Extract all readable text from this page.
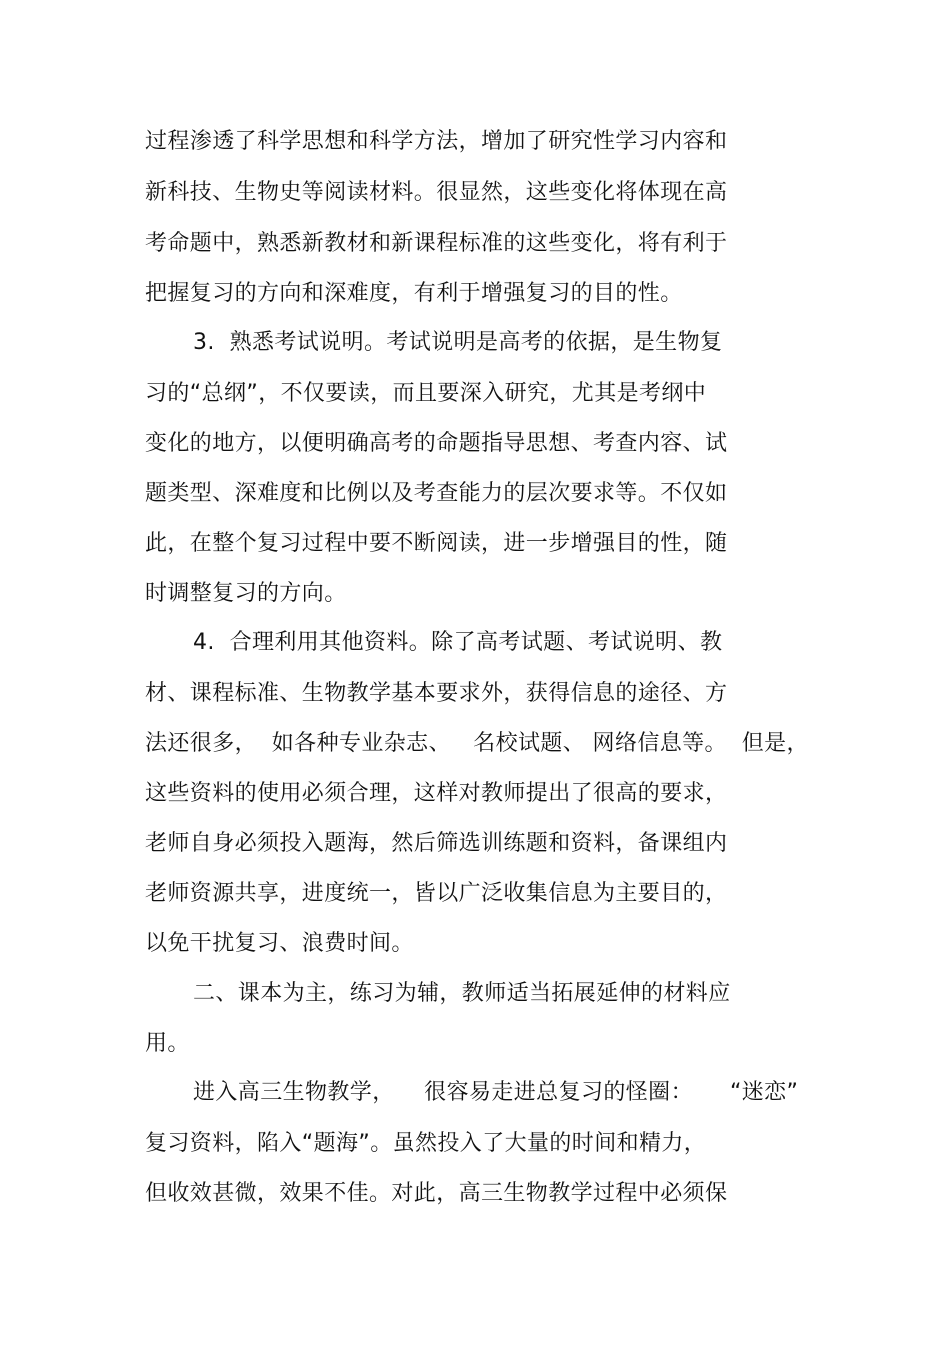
过程渗透了科学思想和科学方法，增加了研究性学习内容和
新科技、生物史等阅读材料。很显然，这些变化将体现在高
考命题中，熟悉新教材和新课程标准的这些变化，将有利于
把握复习的方向和深难度，有利于增强复习的目的性。
3.  熟悉考试说明。考试说明是高考的依据，是生物复
习的“总纲”，不仅要读，而且要深入研究，尤其是考纲中
变化的地方，以便明确高考的命题指导思想、考查内容、试
题类型、深难度和比例以及考查能力的层次要求等。不仅如
此，在整个复习过程中要不断阅读，进一步增强目的性，随
时调整复习的方向。
4.  合理利用其他资料。除了高考试题、考试说明、教
材、课程标准、生物教学基本要求外，获得信息的途径、方
法还很多，  如各种专业杂志、   名校试题、 网络信息等。  但是，
这些资料的使用必须合理，这样对教师提出了很高的要求，
老师自身必须投入题海，然后筛选训练题和资料，备课组内
老师资源共享，进度统一，皆以广泛收集信息为主要目的，
以免干扰复习、浪费时间。
二、课本为主，练习为辅，教师适当拓展延伸的材料应
用。
进入高三生物教学，    很容易走进总复习的怪圈：     “迷恋”
复习资料，陷入“题海”。虽然投入了大量的时间和精力，
但收效甚微，效果不佳。对此，高三生物教学过程中必须保
